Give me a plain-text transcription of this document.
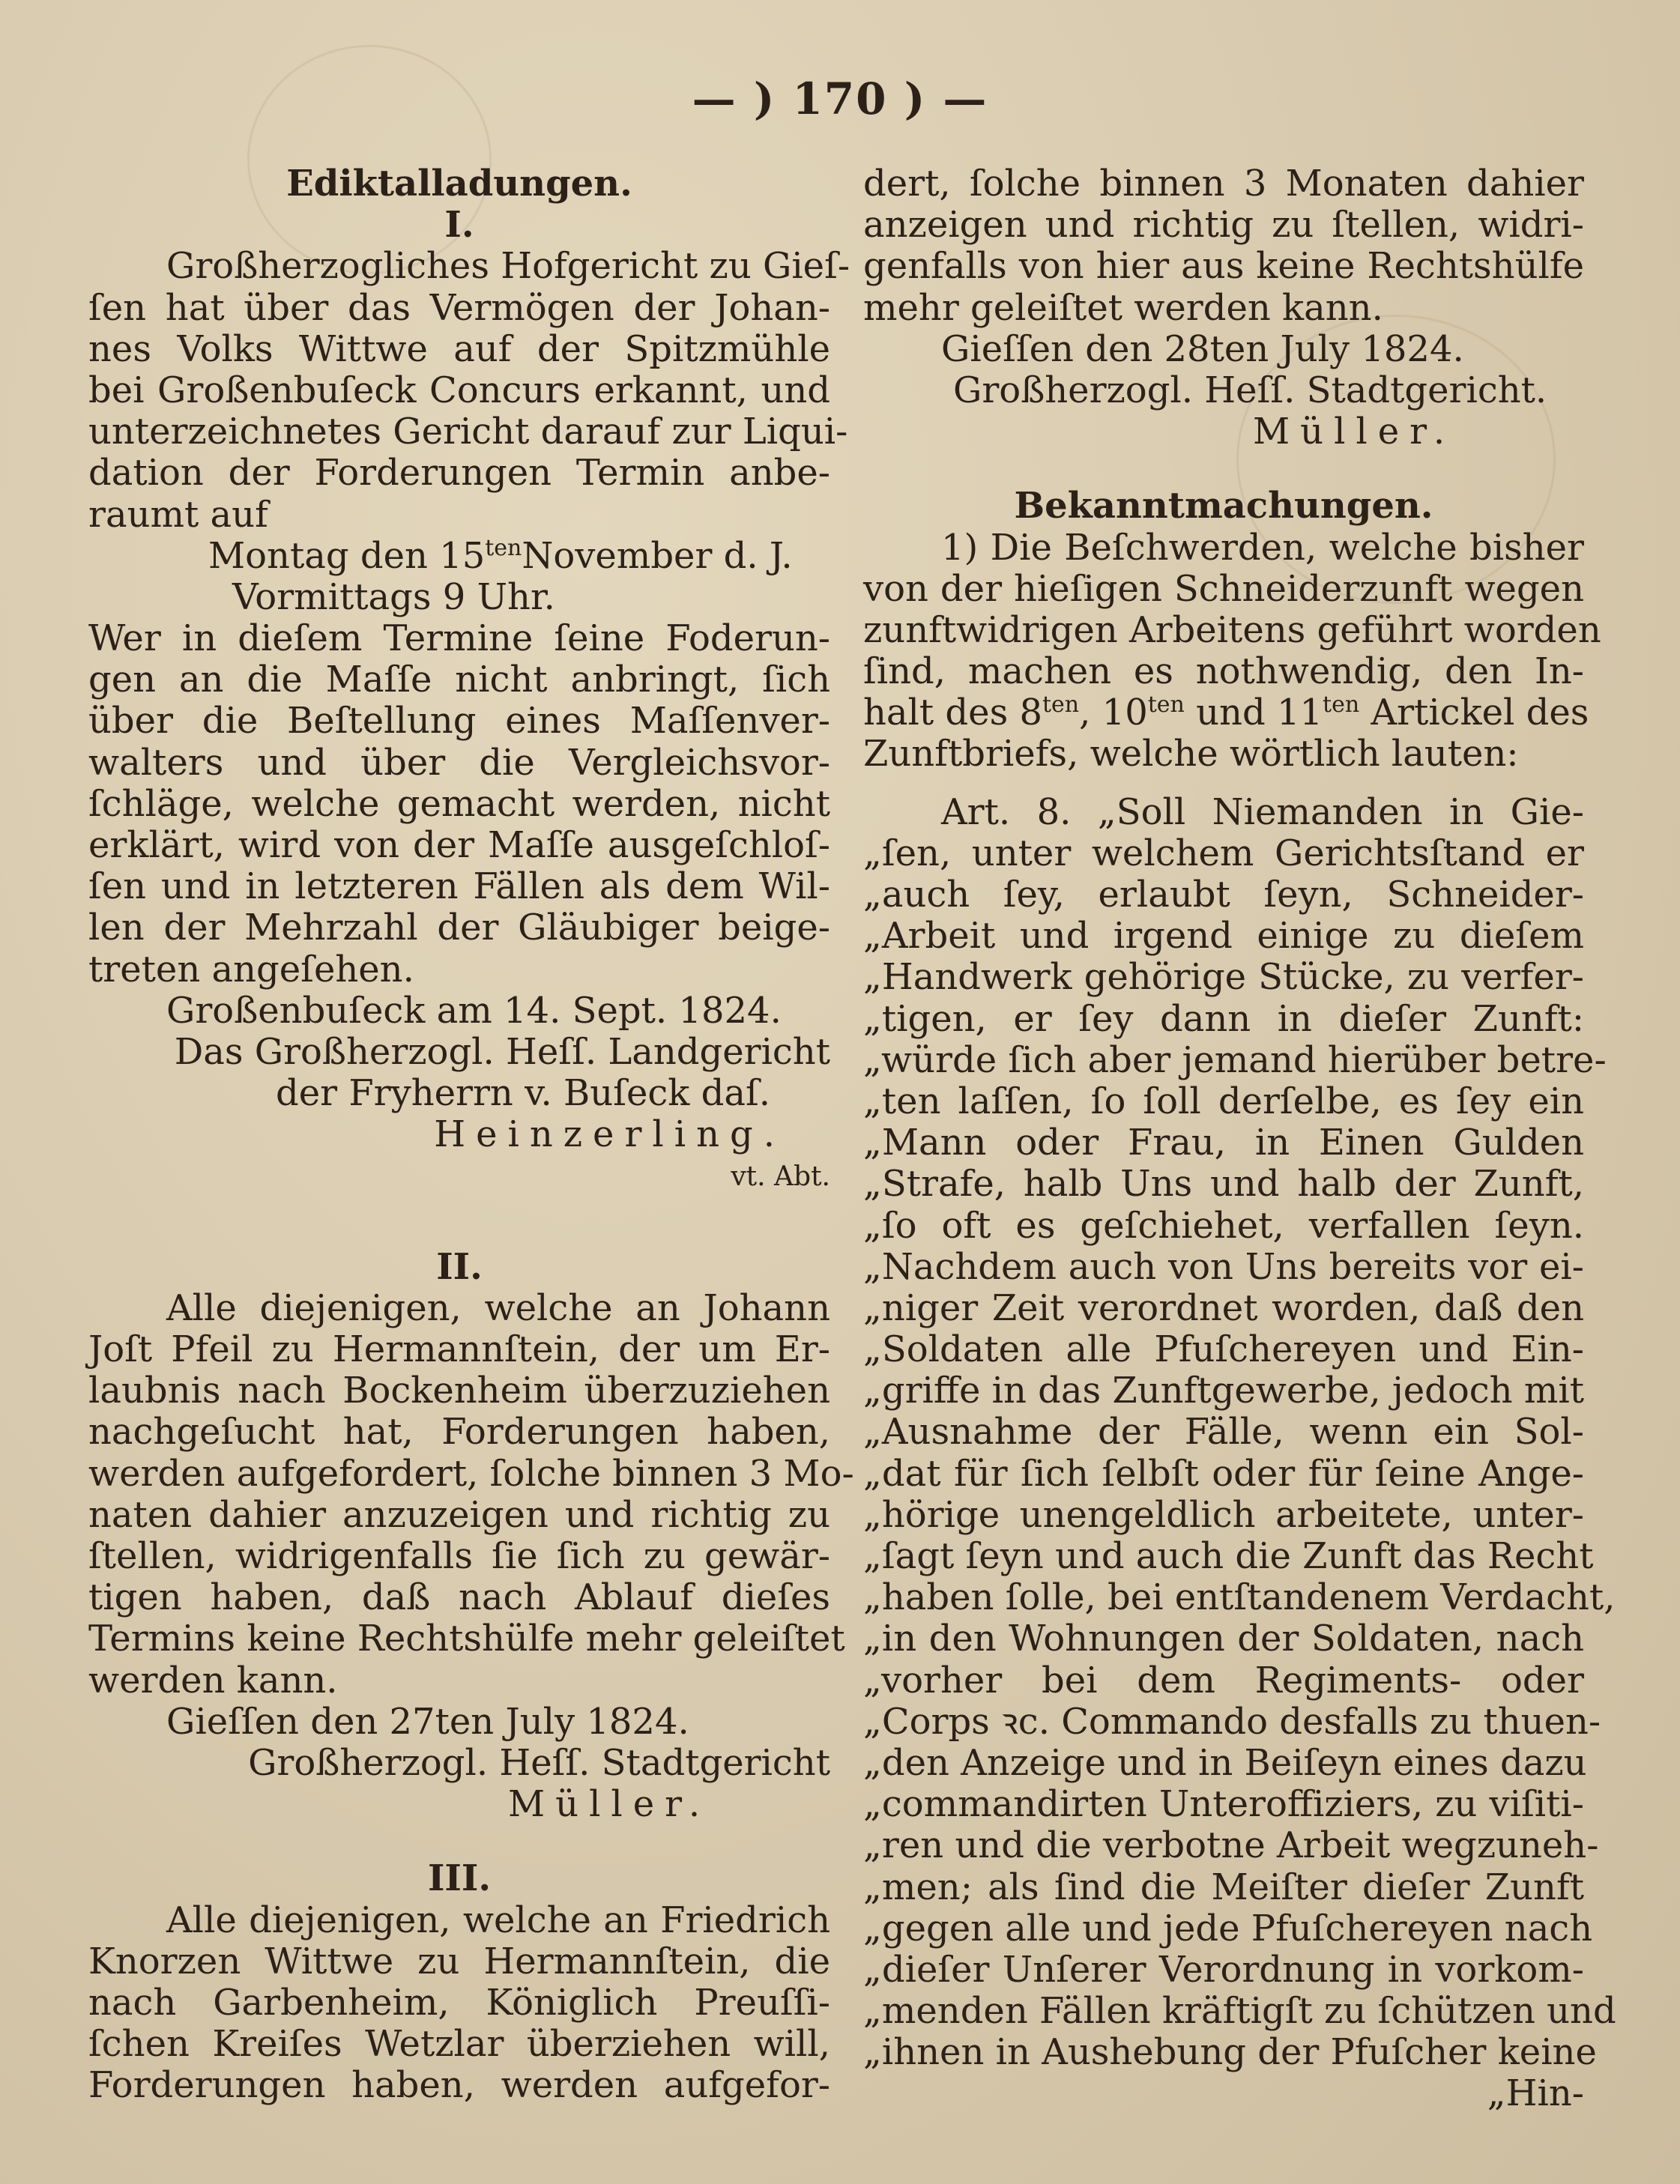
— ) 170 ) —
Ediktalladungen.
I.
Großherzogliches Hofgericht zu Gieſ-
ſen hat über das Vermögen der Johan-
nes Volks Wittwe auf der Spitzmühle
bei Großenbuſeck Concurs erkannt, und
unterzeichnetes Gericht darauf zur Liqui-
dation der Forderungen Termin anbe-
raumt auf
Montag den $15^{ten}November$ d. J.
Vormittags 9 Uhr.
Wer in dieſem Termine ſeine Foderun-
gen an die Maſſe nicht anbringt, ſich
über die Beſtellung eines Maſſenver-
walters und über die Vergleichsvor-
ſchläge, welche gemacht werden, nicht
erklärt, wird von der Maſſe ausgeſchloſ-
ſen und in letzteren Fällen als dem Wil-
len der Mehrzahl der Gläubiger beige-
treten angeſehen.
Großenbuſeck am 14. Sept. 1824.
Das Großherzogl. Heſſ. Landgericht
der Fryherrn v. Buſeck daſ.
Heinzerling.
vt. Abt.
II.
Alle diejenigen, welche an Johann
Joſt Pfeil zu Hermannſtein, der um Er-
laubnis nach Bockenheim überzuziehen
nachgeſucht hat, Forderungen haben,
werden aufgefordert, ſolche binnen 3 Mo-
naten dahier anzuzeigen und richtig zu
ſtellen, widrigenfalls ſie ſich zu gewär-
tigen haben, daß nach Ablauf dieſes
Termins keine Rechtshülfe mehr geleiſtet
werden kann.
Gieſſen den 27ten July 1824.
Großherzogl. Heſſ. Stadtgericht
Müller.
III.
Alle diejenigen, welche an Friedrich
Knorzen Wittwe zu Hermannſtein, die
nach Garbenheim, Königlich Preuſſi-
ſchen Kreiſes Wetzlar überziehen will,
Forderungen haben, werden aufgefor-
dert, ſolche binnen 3 Monaten dahier
anzeigen und richtig zu ſtellen, widri-
genfalls von hier aus keine Rechtshülfe
mehr geleiſtet werden kann.
Gieſſen den 28ten July 1824.
Großherzogl. Heſſ. Stadtgericht.
Müller.
Bekanntmachungen.
1) Die Beſchwerden, welche bisher
von der hieſigen Schneiderzunft wegen
zunftwidrigen Arbeitens geführt worden
ſind, machen es nothwendig, den In-
halt des $8^{ten}$, $10^{ten}$ und $11^{ten}$ Artickel des
Zunftbriefs, welche wörtlich lauten:
Art. 8. „Soll Niemanden in Gie-
„ſen, unter welchem Gerichtsſtand er
„auch ſey, erlaubt ſeyn, Schneider-
„Arbeit und irgend einige zu dieſem
„Handwerk gehörige Stücke, zu verfer-
„tigen, er ſey dann in dieſer Zunft:
„würde ſich aber jemand hierüber betre-
„ten laſſen, ſo ſoll derſelbe, es ſey ein
„Mann oder Frau, in Einen Gulden
„Strafe, halb Uns und halb der Zunft,
„ſo oft es geſchiehet, verfallen ſeyn.
„Nachdem auch von Uns bereits vor ei-
„niger Zeit verordnet worden, daß den
„Soldaten alle Pfuſchereyen und Ein-
„griffe in das Zunftgewerbe, jedoch mit
„Ausnahme der Fälle, wenn ein Sol-
„dat für ſich ſelbſt oder für ſeine Ange-
„hörige unengeldlich arbeitete, unter-
„ſagt ſeyn und auch die Zunft das Recht
„haben ſolle, bei entſtandenem Verdacht,
„in den Wohnungen der Soldaten, nach
„vorher bei dem Regiments- oder
„Corps ꝛc. Commando desfalls zu thuen-
„den Anzeige und in Beiſeyn eines dazu
„commandirten Unteroffiziers, zu viſiti-
„ren und die verbotne Arbeit wegzuneh-
„men; als ſind die Meiſter dieſer Zunft
„gegen alle und jede Pfuſchereyen nach
„dieſer Unſerer Verordnung in vorkom-
„menden Fällen kräftigſt zu ſchützen und
„ihnen in Aushebung der Pfuſcher keine
„Hin-
